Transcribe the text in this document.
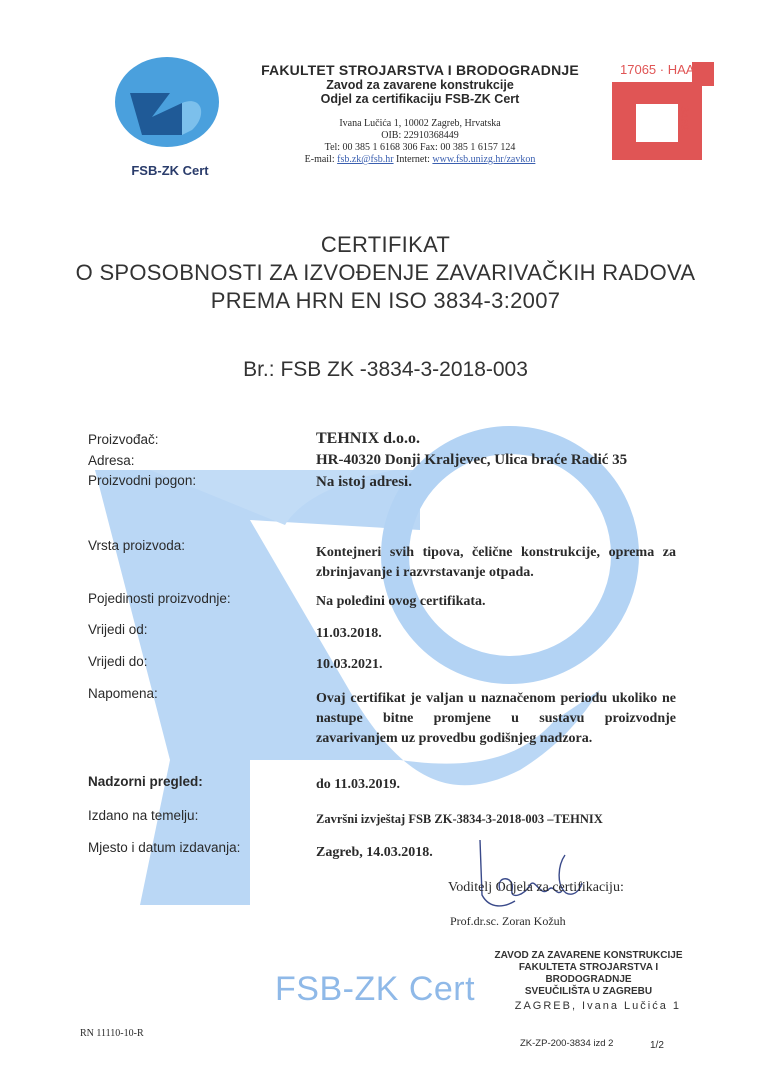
FSB-ZK Cert
FAKULTET STROJARSTVA I BRODOGRADNJE
Zavod za zavarene konstrukcije
Odjel za certifikaciju FSB-ZK Cert
Ivana Lučića 1, 10002 Zagreb, Hrvatska
OIB: 22910368449
Tel: 00 385 1 6168 306 Fax: 00 385 1 6157 124
E-mail: fsb.zk@fsb.hr Internet: www.fsb.unizg.hr/zavkon
17065 · HAA
3469
CERTIFIKAT
O SPOSOBNOSTI ZA IZVOĐENJE ZAVARIVAČKIH RADOVA
PREMA HRN EN ISO 3834-3:2007
Br.: FSB ZK -3834-3-2018-003
Proizvođač:
Adresa:
Proizvodni pogon:
Vrsta proizvoda:
Pojedinosti proizvodnje:
Vrijedi od:
Vrijedi do:
Napomena:
Nadzorni pregled:
Izdano na temelju:
Mjesto i datum izdavanja:
TEHNIX d.o.o.
HR-40320 Donji Kraljevec, Ulica braće Radić 35
Na istoj adresi.
Kontejneri svih tipova, čelične konstrukcije, oprema za zbrinjavanje i razvrstavanje otpada.
Na poleđini ovog certifikata.
11.03.2018.
10.03.2021.
Ovaj certifikat je valjan u naznačenom periodu ukoliko ne nastupe bitne promjene u sustavu proizvodnje zavarivanjem uz provedbu godišnjeg nadzora.
do 11.03.2019.
Završni izvještaj FSB ZK-3834-3-2018-003 –TEHNIX
Zagreb, 14.03.2018.
Voditelj Odjela za certifikaciju:
Prof.dr.sc. Zoran Kožuh
FSB-ZK Cert
ZAVOD ZA ZAVARENE KONSTRUKCIJE
FAKULTETA STROJARSTVA I BRODOGRADNJE
SVEUČILIŠTA U ZAGREBU
ZAGREB, Ivana Lučića 1
RN 11110-10-R
ZK-ZP-200-3834 izd 2	1/2
